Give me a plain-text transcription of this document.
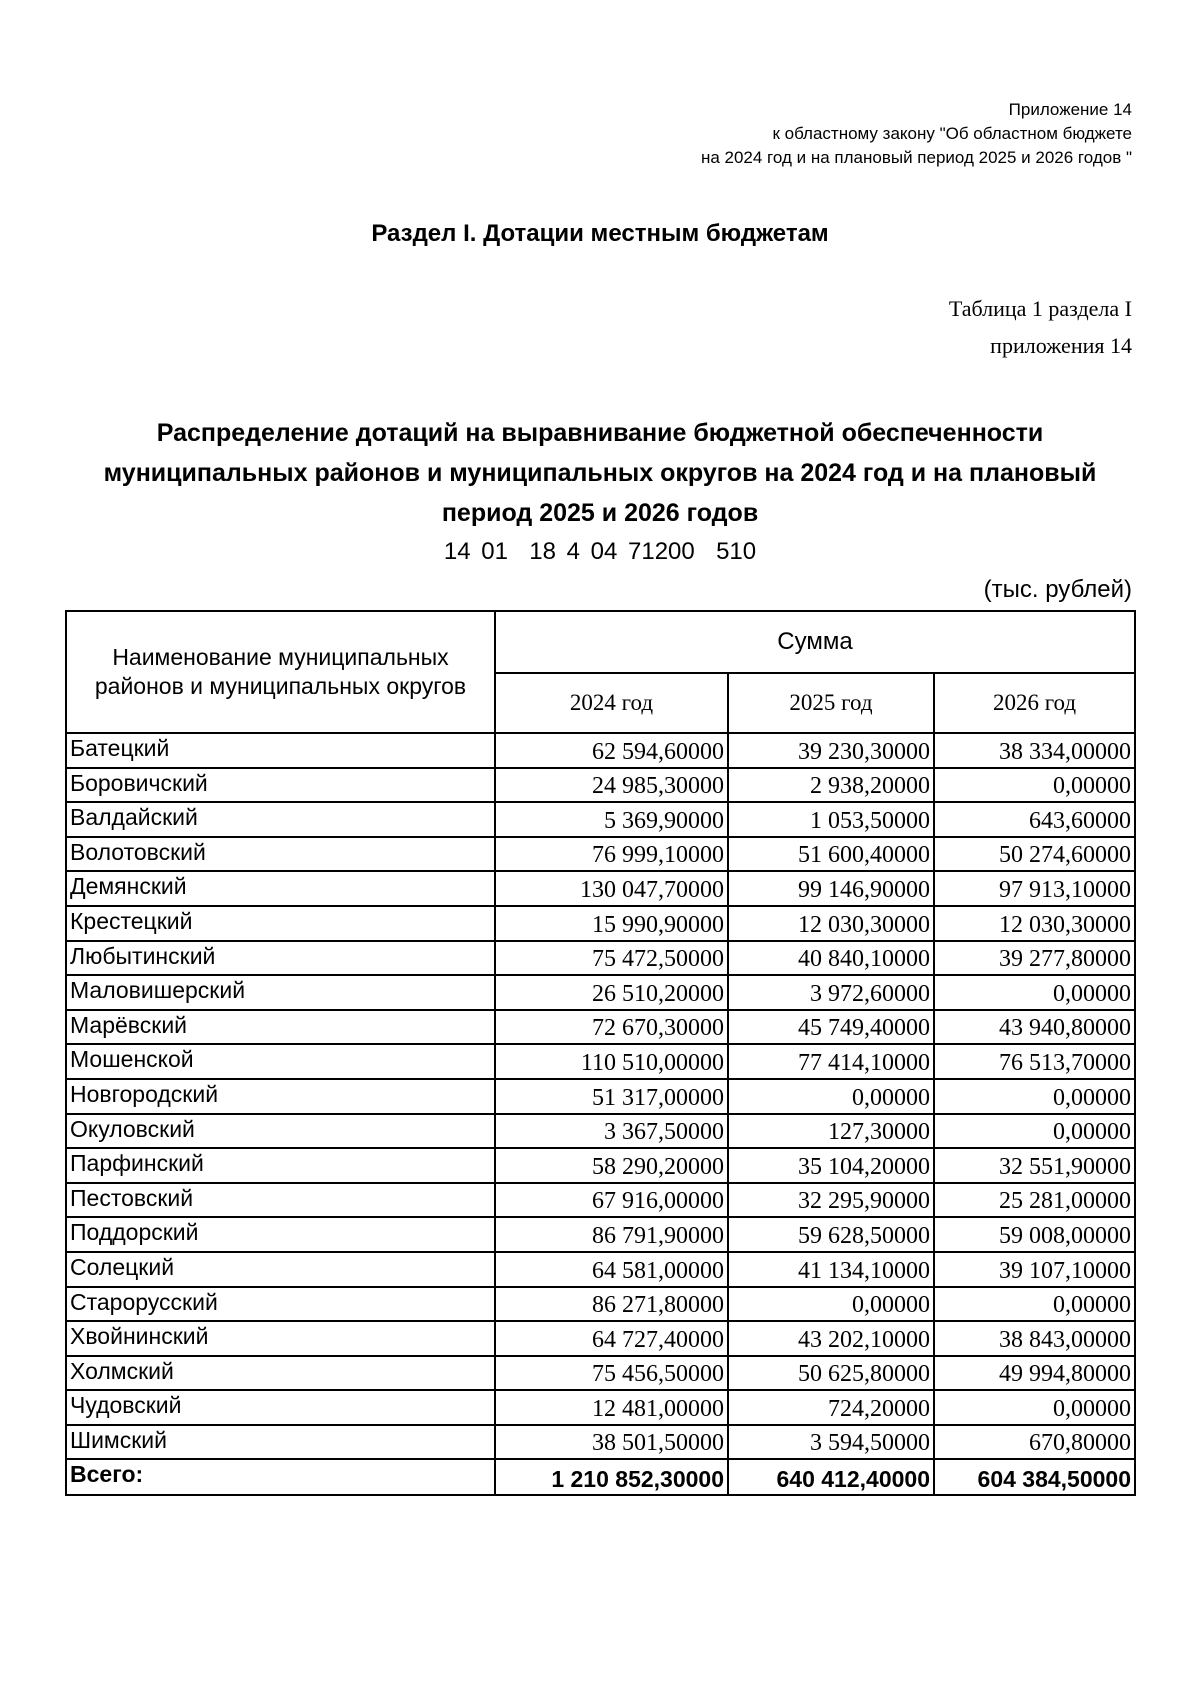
Приложение 14
к областному закону "Об областном бюджете
на 2024 год и на плановый период 2025 и 2026 годов "
Раздел I. Дотации местным бюджетам
Таблица 1 раздела I
приложения 14
Распределение дотаций на выравнивание бюджетной обеспеченности
муниципальных районов и муниципальных округов на 2024 год и на плановый
период 2025 и 2026 годов
14 01  18 4 04 71200  510
(тыс. рублей)
Наименование муниципальных районов и муниципальных округов	Сумма		
	2024 год	2025 год	2026 год
Батецкий	62 594,60000	39 230,30000	38 334,00000
Боровичский	24 985,30000	2 938,20000	0,00000
Валдайский	5 369,90000	1 053,50000	643,60000
Волотовский	76 999,10000	51 600,40000	50 274,60000
Демянский	130 047,70000	99 146,90000	97 913,10000
Крестецкий	15 990,90000	12 030,30000	12 030,30000
Любытинский	75 472,50000	40 840,10000	39 277,80000
Маловишерский	26 510,20000	3 972,60000	0,00000
Марёвский	72 670,30000	45 749,40000	43 940,80000
Мошенской	110 510,00000	77 414,10000	76 513,70000
Новгородский	51 317,00000	0,00000	0,00000
Окуловский	3 367,50000	127,30000	0,00000
Парфинский	58 290,20000	35 104,20000	32 551,90000
Пестовский	67 916,00000	32 295,90000	25 281,00000
Поддорский	86 791,90000	59 628,50000	59 008,00000
Солецкий	64 581,00000	41 134,10000	39 107,10000
Старорусский	86 271,80000	0,00000	0,00000
Хвойнинский	64 727,40000	43 202,10000	38 843,00000
Холмский	75 456,50000	50 625,80000	49 994,80000
Чудовский	12 481,00000	724,20000	0,00000
Шимский	38 501,50000	3 594,50000	670,80000
Всего:	1 210 852,30000	640 412,40000	604 384,50000
